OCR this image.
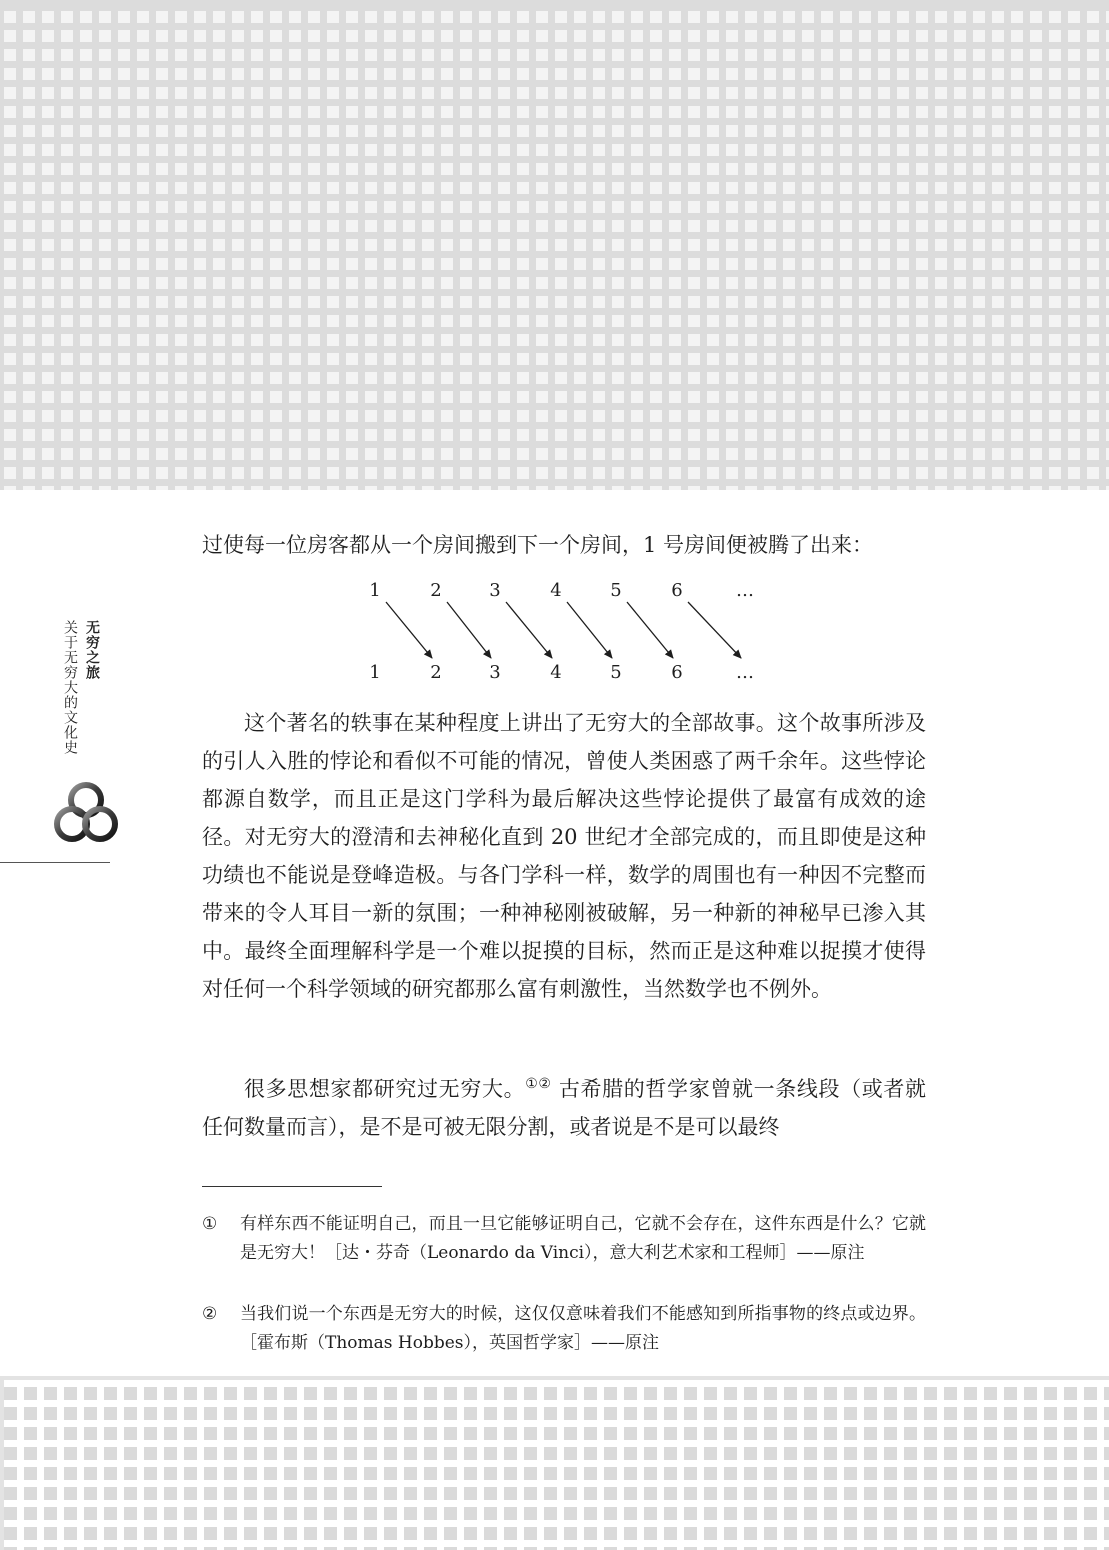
关于无穷大的文化史 无穷之旅
过使每一位房客都从一个房间搬到下一个房间，1 号房间便被腾了出来：
1	2	3	4	5	6	…
1	2	3	4	5	6	…
这个著名的轶事在某种程度上讲出了无穷大的全部故事。这个故事所涉及的引人入胜的悖论和看似不可能的情况，曾使人类困惑了两千余年。这些悖论都源自数学，而且正是这门学科为最后解决这些悖论提供了最富有成效的途径。对无穷大的澄清和去神秘化直到 20 世纪才全部完成的，而且即使是这种功绩也不能说是登峰造极。与各门学科一样，数学的周围也有一种因不完整而带来的令人耳目一新的氛围；一种神秘刚被破解，另一种新的神秘早已渗入其中。最终全面理解科学是一个难以捉摸的目标，然而正是这种难以捉摸才使得对任何一个科学领域的研究都那么富有刺激性，当然数学也不例外。
很多思想家都研究过无穷大。①② 古希腊的哲学家曾就一条线段（或者就任何数量而言），是不是可被无限分割，或者说是不是可以最终
① 有样东西不能证明自己，而且一旦它能够证明自己，它就不会存在，这件东西是什么？它就是无穷大！［达・芬奇（Leonardo da Vinci），意大利艺术家和工程师］——原注
② 当我们说一个东西是无穷大的时候，这仅仅意味着我们不能感知到所指事物的终点或边界。［霍布斯（Thomas Hobbes），英国哲学家］——原注
